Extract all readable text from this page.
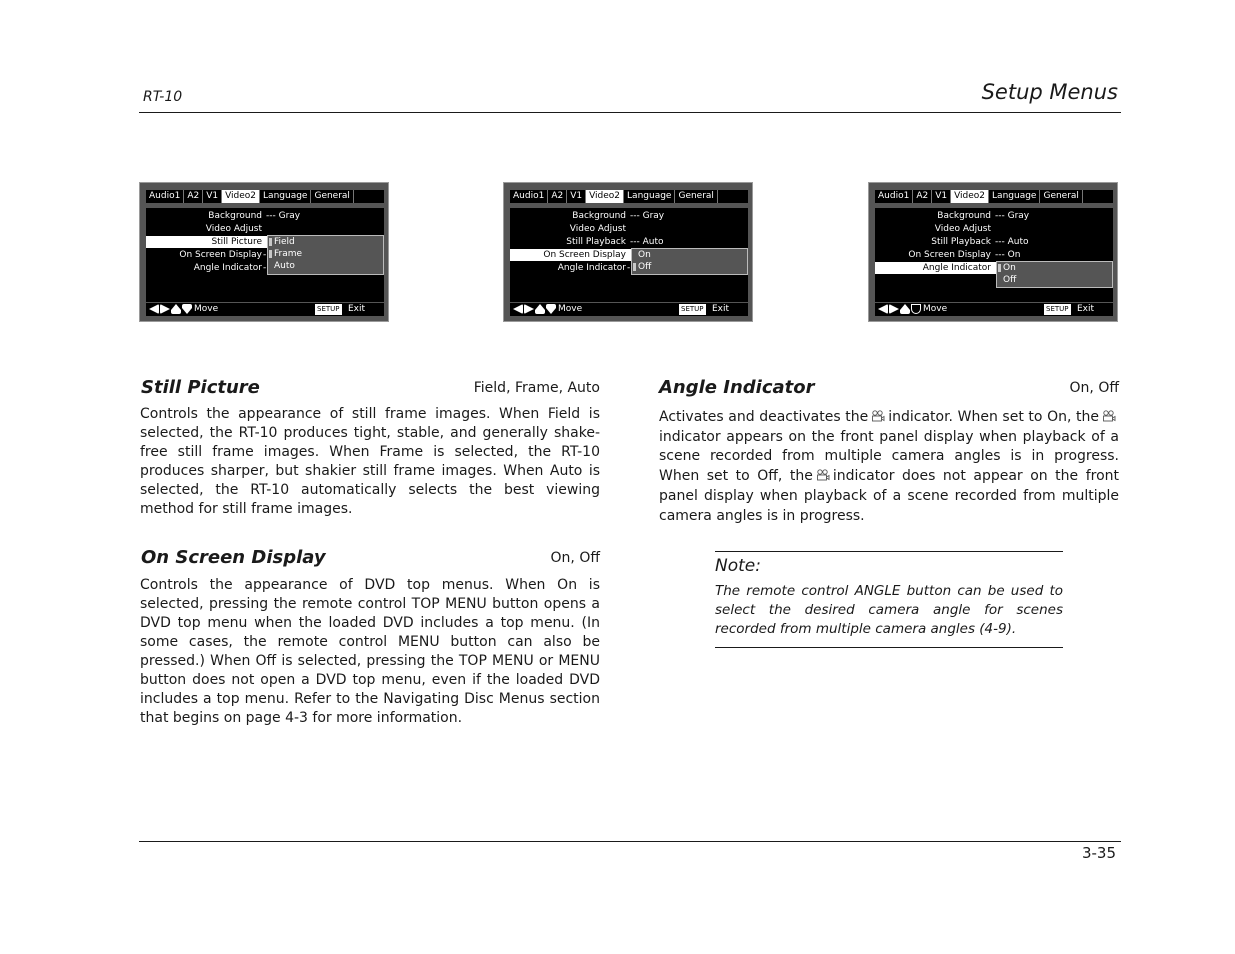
RT-10	Setup Menus
Audio1 A2 V1 Video2 Language General
Background --- Gray
Video Adjust
Still Picture
On Screen Display -
Angle Indicator -
Field
Frame
Auto
Move	SETUP Exit
Audio1 A2 V1 Video2 Language General
Background --- Gray
Video Adjust
Still Playback --- Auto
On Screen Display
Angle Indicator -
On
Off
Move	SETUP Exit
Audio1 A2 V1 Video2 Language General
Background --- Gray
Video Adjust
Still Playback --- Auto
On Screen Display --- On
Angle Indicator	On
Off
Move	SETUP Exit
Still Picture	Field, Frame, Auto
Controls the appearance of still frame images. When Field is selected, the RT-10 produces tight, stable, and generally shake-free still frame images. When Frame is selected, the RT-10 produces sharper, but shakier still frame images. When Auto is selected, the RT-10 automatically selects the best viewing method for still frame images.
On Screen Display	On, Off
Controls the appearance of DVD top menus. When On is selected, pressing the remote control TOP MENU button opens a DVD top menu when the loaded DVD includes a top menu. (In some cases, the remote control MENU button can also be pressed.) When Off is selected, pressing the TOP MENU or MENU button does not open a DVD top menu, even if the loaded DVD includes a top menu. Refer to the Navigating Disc Menus section that begins on page 4-3 for more information.
Angle Indicator	On, Off
Activates and deactivates the indicator. When set to On, theindicator appears on the front panel display when playback of a scene recorded from multiple camera angles is in progress. When set to Off, the indicator does not appear on the front panel display when playback of a scene recorded from multiple camera angles is in progress.
Note:
The remote control ANGLE button can be used to select the desired camera angle for scenes recorded from multiple camera angles (4-9).
3-35
